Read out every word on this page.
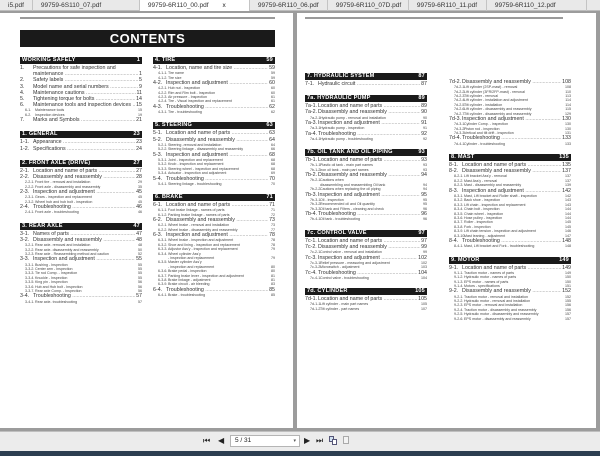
i5.pdf	99759-6S110_07.pdf	99759-6R110_00.pdf x	99759-6R110_06.pdf	99759-6R110_07D.pdf	99759-6R110_11.pdf	99759-6R110_12.pdf
CONTENTS
WORKING SAFELY	1
1.	Precautions for safe inspection and
maintenance .....	1
2.	Safety labels .....	5
3.	Model name and serial numbers .....	9
4.	Maintenance cautions .....	11
5.	Tightening torque for bolts .....	14
6.	Maintenance tools and inspection devices ..... 15
6-1.	Maintenance tools	15
6-2.	Inspection devices	19
7.	Marks and Symbols .....	21
1. GENERAL	23
1-1. Appearance .....	23
1-2. Specifications .....	24
2. FRONT AXLE (DRIVE)	27
2-1. Location and name of parts .....	27
2-2. Disassembly and reassembly .....	28
2-2-1. Front tire - removal and installation	29
2-2-2. Front axle - disassembly and reassembly	35
2-3. Inspection and adjustment .....	45
2-3-1. Gears - inspection and replacement	45
2-3-2. Wheel hub and hub bolt - inspection	45
2-4. Troubleshooting .....	46
2-4-1. Front axle - troubleshooting	46
3. REAR AXLE	47
3-1. Names of parts .....	47
3-2. Disassembly and reassembly .....	48
3-2-1. Rear axle- removal and installation	48
3-2-2. Rear axle- disassembly and reassembly	50
3-2-3. Rear axle - Reassembling method and caution	52
3-3. Inspection and adjustment .....	55
3-3-1. Bushing - Inspection	55
3-3-2. Center arm - Inspection	55
3-3-3. Tie rod Comp. - Inspection	55
3-3-4. Knuckle - Inspection	55
3-3-5. King pin - Inspection	56
3-3-6. Hub and Hub bolt - Inspection	56
3-3-7. Rear axle Comp. - Inspection	56
3-4. Troubleshooting .....	57
3-4-1. Rear axle- troubleshooting	57
4. TIRE	59
4-1. Location, name and tire size .....	59
4-1-1. Tire name	59
4-1-2. Tire size	59
4-2. Inspection and adjustment .....	60
4-2-1. Hub nut - Inspection	60
4-2-2. Rim and Rim bolt - Inspection	60
4-2-3. Air pressure - Inspection	61
4-2-4. Tire - Visual inspection and replacement	61
4-3. Troubleshooting .....	62
4-3-1. Tire - troubleshooting	62
5. STEERING	63
5-1. Location and name of parts .....	63
5-2. Disassembly and reassembly .....	64
5-2-1. Steering -removal and installation	64
5-2-2. Steering linkage - disassembly and reassembly	66
5-3. Inspection and adjustment .....	68
5-3-1. Joint - inspection and replacement	68
5-3-2. Knob - inspection and replacement	68
5-3-3. Steering wheel - inspection and replacement	68
5-3-4. Actuator - inspection and adjustment	69
5-4. Troubleshooting .....	70
5-4-1. Steering linkage - troubleshooting	70
6. BRAKE	71
6-1. Location and name of parts .....	71
6-1-1. Foot brake linkage - names of parts	71
6-1-2. Parking brake linkage - names of parts	72
6-2. Disassembly and reassembly .....	73
6-2-1. Wheel brake - removal and installation	73
6-2-2. Wheel brake - disassembly and reassembly	77
6-3. Inspection and adjustment .....	78
6-3-1. Wheel brake - inspection and adjustment	78
6-3-2. Shoe and lining - inspection and replacement	78
6-3-3. Adjustor Ass'y - inspection and replacement	79
6-3-4. Wheel cylinder Ass'y
- inspection and replacement	79
6-3-5. Master cylinder Ass'y
- inspection and replacement	80
6-3-6. Brake pedal - inspection	80
6-3-7. Parking brake lever - inspection and adjustment	81
6-3-8. Brake linkage - adjustment	81
6-3-9. Brake circuit - air bleeding	83
6-4. Troubleshooting .....	85
6-4-1. Brake - troubleshooting	85
7. HYDRAULIC SYSTEM	87
7-1. Hydraulic circuit .....	87
7a. HYDRAULIC PUMP	89
7a-1. Location and name of parts .....	89
7a-2. Disassembly and reassembly .....	90
7a-2-1.
Hydraulic pump - removal and installation	90
7a-3. Inspection and adjustment .....	91
7a-3-1.
Hydraulic pump - inspection	91
7a-4. Troubleshooting .....	92
7a-4-1.
Hydraulic pump - troubleshooting	92
7b. OIL TANK AND OIL PIPING	93
7b-1. Location and name of parts .....	93
7b-1-1.
Plastic oil tank - main part names	93
7b-1-2.
Iron oil tank - main part names	93
7b-2. Disassembly and reassembly .....	94
7b-2-1.
Cautions when
disassembling and reassembling Oil tank	94
7b-2-2.
Cautions when replacing the oil piping	94
7b-3. Inspection and adjustment .....	95
7b-3-1.
Oil - inspection	95
7b-3-2.
Recommended oil and Oil quantity	95
7b-3-3.
Oil tank and Filters - cleaning and check	96
7b-4. Troubleshooting .....	96
7b-4-1.
Oil tank - troubleshooting	96
7c. CONTROL VALVE	97
7c-1. Location and name of parts .....	97
7c-2. Disassembly and reassembly .....	99
7c-2-1.
Control valve - removal and installation	99
7c-3. Inspection and adjustment .....	102
7c-3-1.
Relief pressure - measuring and adjustment	102
7c-3-2.
Microswitch - adjustment	103
7c-4. Troubleshooting .....	104
7c-4-1.
Control valve - troubleshooting	104
7d. CYLINDER	105
7d-1. Location and name of parts .....	105
7d-1-1.
Lift cylinder - main part names	105
7d-1-2.
Tilt cylinder - part names	107
7d-2. Disassembly and reassembly .....	108
7d-2-1.
Lift cylinder (2SP-mast) - removal	108
7d-2-2.
Lift cylinder (3FR/2FP-mast) - removal	110
7d-2-3.
Tilt cylinder - removal	113
7d-2-4.
Lift cylinder - installation and adjustment	114
7d-2-5.
Tilt cylinder - installation	114
7d-2-6.
Lift cylinder - disassembly and reassembly	115
7d-2-7.
Tilt cylinder - disassembly and reassembly	129
7d-3. Inspection and adjustment .....	130
7d-3-1.
Cylinder Comp. - inspection	130
7d-3-2.
Piston rod - inspection	130
7d-3-3.
Vertical and tilt drift - inspection	131
7d-4. Troubleshooting .....	133
7d-4-1.
Cylinder - troubleshooting	133
8. MAST	135
8-1. Location and name of parts .....	135
8-2. Disassembly and reassembly .....	137
8-2-1. Lift bracket Ass'y - removal	137
8-2-2. Mast Ass'y - removal	137
8-2-3. Mast - disassembly and reassembly	139
8-3. Inspection and adjustment .....	142
8-3-1. Mast, Lift bracket and Roller shaft - inspection	142
8-3-2. Back shoe - inspection	143
8-3-3. Lift chain - inspection and replacement	143
8-3-4. Chain bolt - inspection	144
8-3-5. Chain wheel - inspection	144
8-3-6. Hose pulley - inspection	144
8-3-7. Roller - inspection	145
8-3-8. Fork - inspection	145
8-3-9. Lift chain tension - inspection and adjustment	146
8-3-10.
Mast leaning - adjustment	147
8-4. Troubleshooting .....	148
8-4-1. Mast, Lift bracket and Fork - troubleshooting	148
9. MOTOR	149
9-1. Location and name of parts .....	149
9-1-1. Traction motor - names of parts	149
9-1-2. Hydraulic motor - names of parts	150
9-1-3. EPS motor - names of parts	150
9-1-4. Motors - specifications	151
9-2. Disassembly and reassembly .....	152
9-2-1. Traction motor - removal and installation	152
9-2-2. Hydraulic motor - removal and installation	155
9-2-3. EPS motor - removal and installation	156
9-2-4. Traction motor - disassembly and reassembly	156
9-2-5. Hydraulic motor - disassembly and reassembly	157
9-2-6. EPS motor - disassembly and reassembly	157
⏮ ◀	5 / 31	▾ ▶ ⏭
